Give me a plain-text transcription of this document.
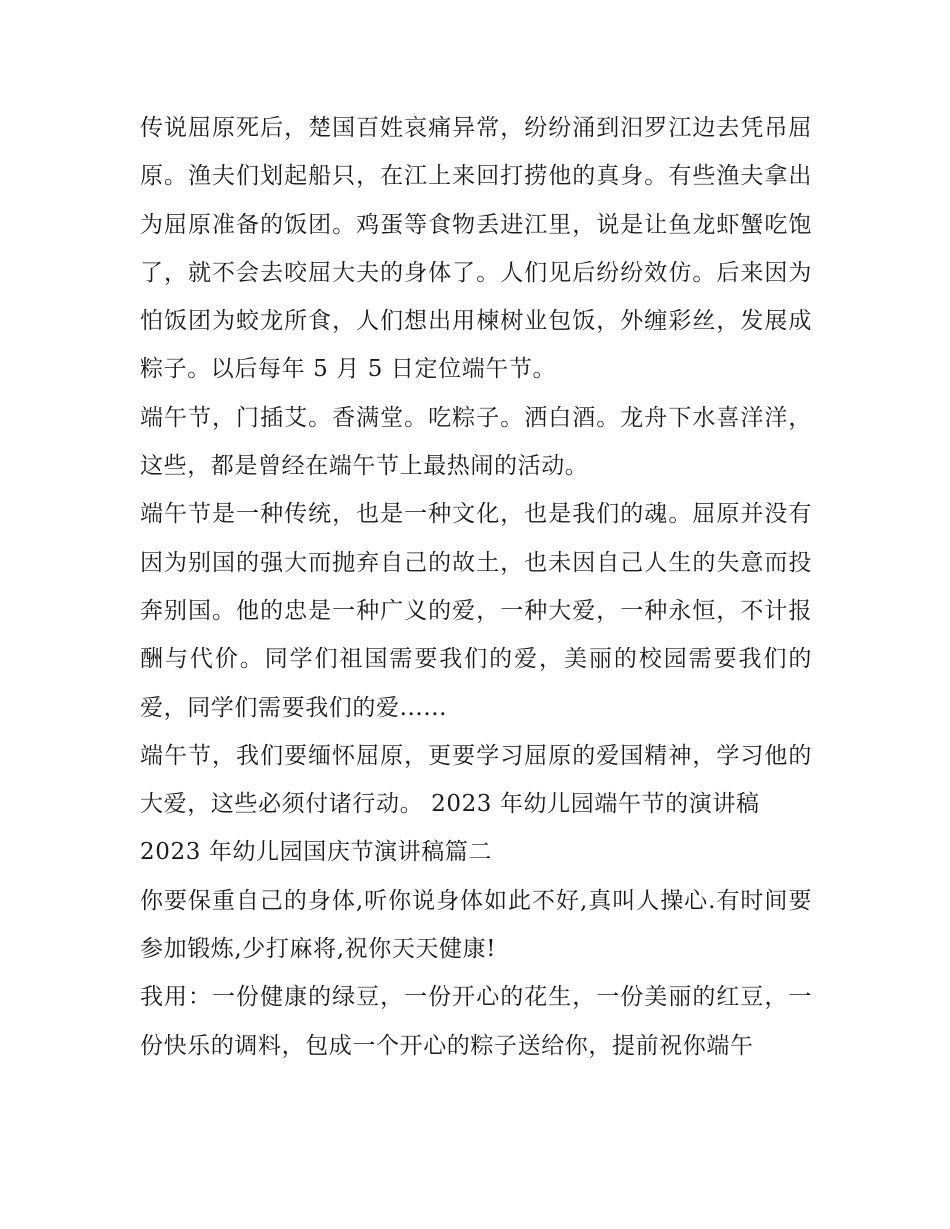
传说屈原死后，楚国百姓哀痛异常，纷纷涌到汨罗江边去凭吊屈原。渔夫们划起船只，在江上来回打捞他的真身。有些渔夫拿出为屈原准备的饭团。鸡蛋等食物丢进江里，说是让鱼龙虾蟹吃饱了，就不会去咬屈大夫的身体了。人们见后纷纷效仿。后来因为怕饭团为蛟龙所食，人们想出用楝树业包饭，外缠彩丝，发展成粽子。以后每年 5 月 5 日定位端午节。

端午节，门插艾。香满堂。吃粽子。洒白酒。龙舟下水喜洋洋，这些，都是曾经在端午节上最热闹的活动。

端午节是一种传统，也是一种文化，也是我们的魂。屈原并没有因为别国的强大而抛弃自己的故土，也未因自己人生的失意而投奔别国。他的忠是一种广义的爱，一种大爱，一种永恒，不计报酬与代价。同学们祖国需要我们的爱，美丽的校园需要我们的爱，同学们需要我们的爱......

端午节，我们要缅怀屈原，更要学习屈原的爱国精神，学习他的大爱，这些必须付诸行动。 2023 年幼儿园端午节的演讲稿

2023 年幼儿园国庆节演讲稿篇二

你要保重自己的身体,听你说身体如此不好,真叫人操心.有时间要参加锻炼,少打麻将,祝你天天健康!

我用：一份健康的绿豆，一份开心的花生，一份美丽的红豆，一份快乐的调料，包成一个开心的粽子送给你，提前祝你端午
